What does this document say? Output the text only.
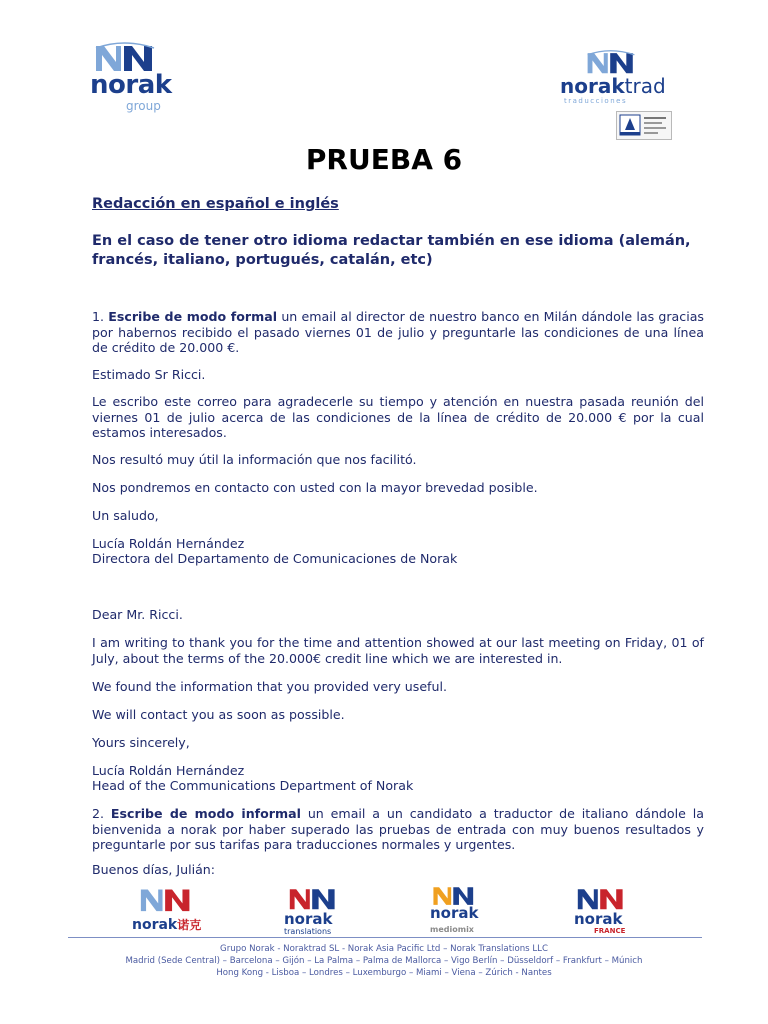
norak
group
noraktrad
traducciones
PRUEBA 6
Redacción en español e inglés
En el caso de tener otro idioma redactar también en ese idioma (alemán, francés, italiano, portugués, catalán, etc)
1. Escribe de modo formal un email al director de nuestro banco en Milán dándole las gracias por habernos recibido el pasado viernes 01 de julio y preguntarle las condiciones de una línea de crédito de 20.000 €.
Estimado Sr Ricci.
Le escribo este correo para agradecerle su tiempo y atención en nuestra pasada reunión del viernes 01 de julio acerca de las condiciones de la línea de crédito de 20.000 € por la cual estamos interesados.
Nos resultó muy útil la información que nos facilitó.
Nos pondremos en contacto con usted con la mayor brevedad posible.
Un saludo,
Lucía Roldán Hernández
Directora del Departamento de Comunicaciones de Norak
Dear Mr. Ricci.
I am writing to thank you for the time and attention showed at our last meeting on Friday, 01 of July, about the terms of the 20.000€ credit line which we are interested in.
We found the information that you provided very useful.
We will contact you as soon as possible.
Yours sincerely,
Lucía Roldán Hernández
Head of the Communications Department of Norak
2. Escribe de modo informal un email a un candidato a traductor de italiano dándole la bienvenida a norak por haber superado las pruebas de entrada con muy buenos resultados y preguntarle por sus tarifas para traducciones normales y urgentes.
Buenos días, Julián:
norak诺克	norak
translations
norak
mediomix
norak
FRANCE
Grupo Norak - Noraktrad SL - Norak Asia Pacific Ltd – Norak Translations LLC
Madrid (Sede Central) – Barcelona – Gijón – La Palma – Palma de Mallorca – Vigo Berlín – Düsseldorf – Frankfurt – Múnich
Hong Kong - Lisboa – Londres – Luxemburgo – Miami – Viena – Zúrich - Nantes
